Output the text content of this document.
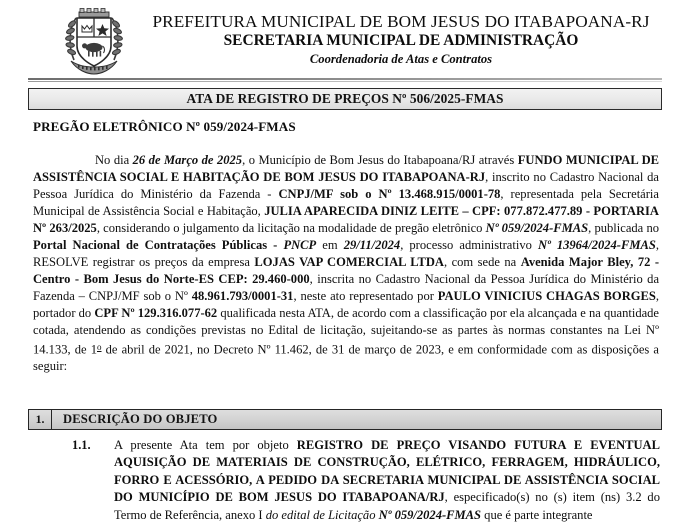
PREFEITURA MUNICIPAL DE BOM JESUS DO ITABAPOANA-RJ
SECRETARIA MUNICIPAL DE ADMINISTRAÇÃO
Coordenadoria de Atas e Contratos
ATA DE REGISTRO DE PREÇOS Nº 506/2025-FMAS
PREGÃO ELETRÔNICO Nº 059/2024-FMAS

No dia 26 de Março de 2025, o Município de Bom Jesus do Itabapoana/RJ através FUNDO MUNICIPAL DE ASSISTÊNCIA SOCIAL E HABITAÇÃO DE BOM JESUS DO ITABAPOANA-RJ, inscrito no Cadastro Nacional da Pessoa Jurídica do Ministério da Fazenda - CNPJ/MF sob o Nº 13.468.915/0001-78, representada pela Secretária Municipal de Assistência Social e Habitação, JULIA APARECIDA DINIZ LEITE – CPF: 077.872.477.89 - PORTARIA Nº 263/2025, considerando o julgamento da licitação na modalidade de pregão eletrônico Nº 059/2024-FMAS, publicada no Portal Nacional de Contratações Públicas - PNCP em 29/11/2024, processo administrativo Nº 13964/2024-FMAS, RESOLVE registrar os preços da empresa LOJAS VAP COMERCIAL LTDA, com sede na Avenida Major Bley, 72 - Centro - Bom Jesus do Norte-ES CEP: 29.460-000, inscrita no Cadastro Nacional da Pessoa Jurídica do Ministério da Fazenda – CNPJ/MF sob o Nº 48.961.793/0001-31, neste ato representado por PAULO VINICIUS CHAGAS BORGES, portador do CPF Nº 129.316.077-62 qualificada nesta ATA, de acordo com a classificação por ela alcançada e na quantidade cotada, atendendo as condições previstas no Edital de licitação, sujeitando-se as partes às normas constantes na Lei Nº 14.133, de 1$^o$ de abril de 2021, no Decreto Nº 11.462, de 31 de março de 2023, e em conformidade com as disposições a seguir:

1.	DESCRIÇÃO DO OBJETO
1.1.	A presente Ata tem por objeto REGISTRO DE PREÇO VISANDO FUTURA E EVENTUAL AQUISIÇÃO DE MATERIAIS DE CONSTRUÇÃO, ELÉTRICO, FERRAGEM, HIDRÁULICO, FORRO E ACESSÓRIO, A PEDIDO DA SECRETARIA MUNICIPAL DE ASSISTÊNCIA SOCIAL DO MUNICÍPIO DE BOM JESUS DO ITABAPOANA/RJ, especificado(s) no (s) item (ns) 3.2 do Termo de Referência, anexo I do edital de Licitação Nº 059/2024-FMAS que é parte integrante
